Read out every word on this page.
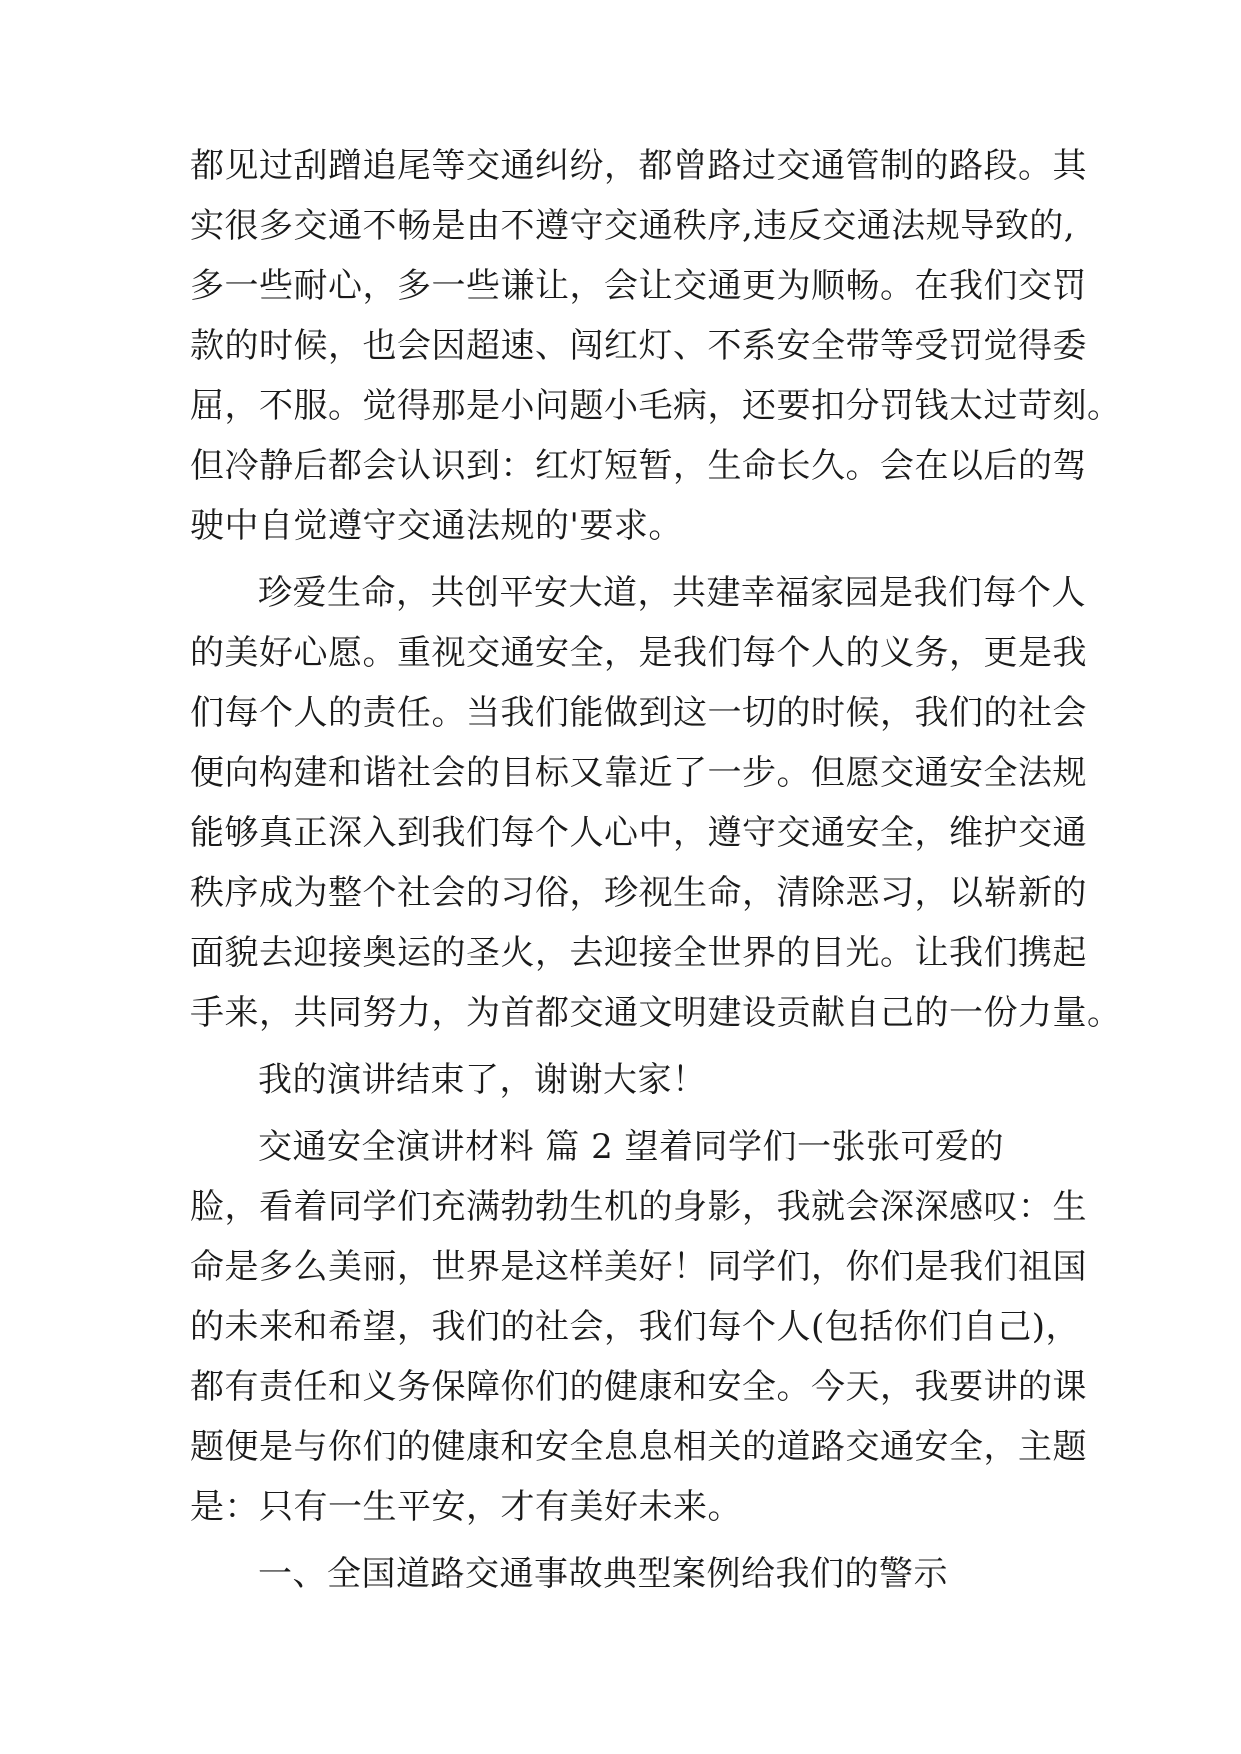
都见过刮蹭追尾等交通纠纷，都曾路过交通管制的路段。其
实很多交通不畅是由不遵守交通秩序,违反交通法规导致的,
多一些耐心，多一些谦让，会让交通更为顺畅。在我们交罚
款的时候，也会因超速、闯红灯、不系安全带等受罚觉得委
屈，不服。觉得那是小问题小毛病，还要扣分罚钱太过苛刻。
但冷静后都会认识到：红灯短暂，生命长久。会在以后的驾
驶中自觉遵守交通法规的'要求。
珍爱生命，共创平安大道，共建幸福家园是我们每个人
的美好心愿。重视交通安全，是我们每个人的义务，更是我
们每个人的责任。当我们能做到这一切的时候，我们的社会
便向构建和谐社会的目标又靠近了一步。但愿交通安全法规
能够真正深入到我们每个人心中，遵守交通安全，维护交通
秩序成为整个社会的习俗，珍视生命，清除恶习，以崭新的
面貌去迎接奥运的圣火，去迎接全世界的目光。让我们携起
手来，共同努力，为首都交通文明建设贡献自己的一份力量。
我的演讲结束了，谢谢大家！
交通安全演讲材料 篇 2 望着同学们一张张可爱的
脸，看着同学们充满勃勃生机的身影，我就会深深感叹：生
命是多么美丽，世界是这样美好！同学们，你们是我们祖国
的未来和希望，我们的社会，我们每个人(包括你们自己)，
都有责任和义务保障你们的健康和安全。今天，我要讲的课
题便是与你们的健康和安全息息相关的道路交通安全，主题
是：只有一生平安，才有美好未来。
一、全国道路交通事故典型案例给我们的警示
